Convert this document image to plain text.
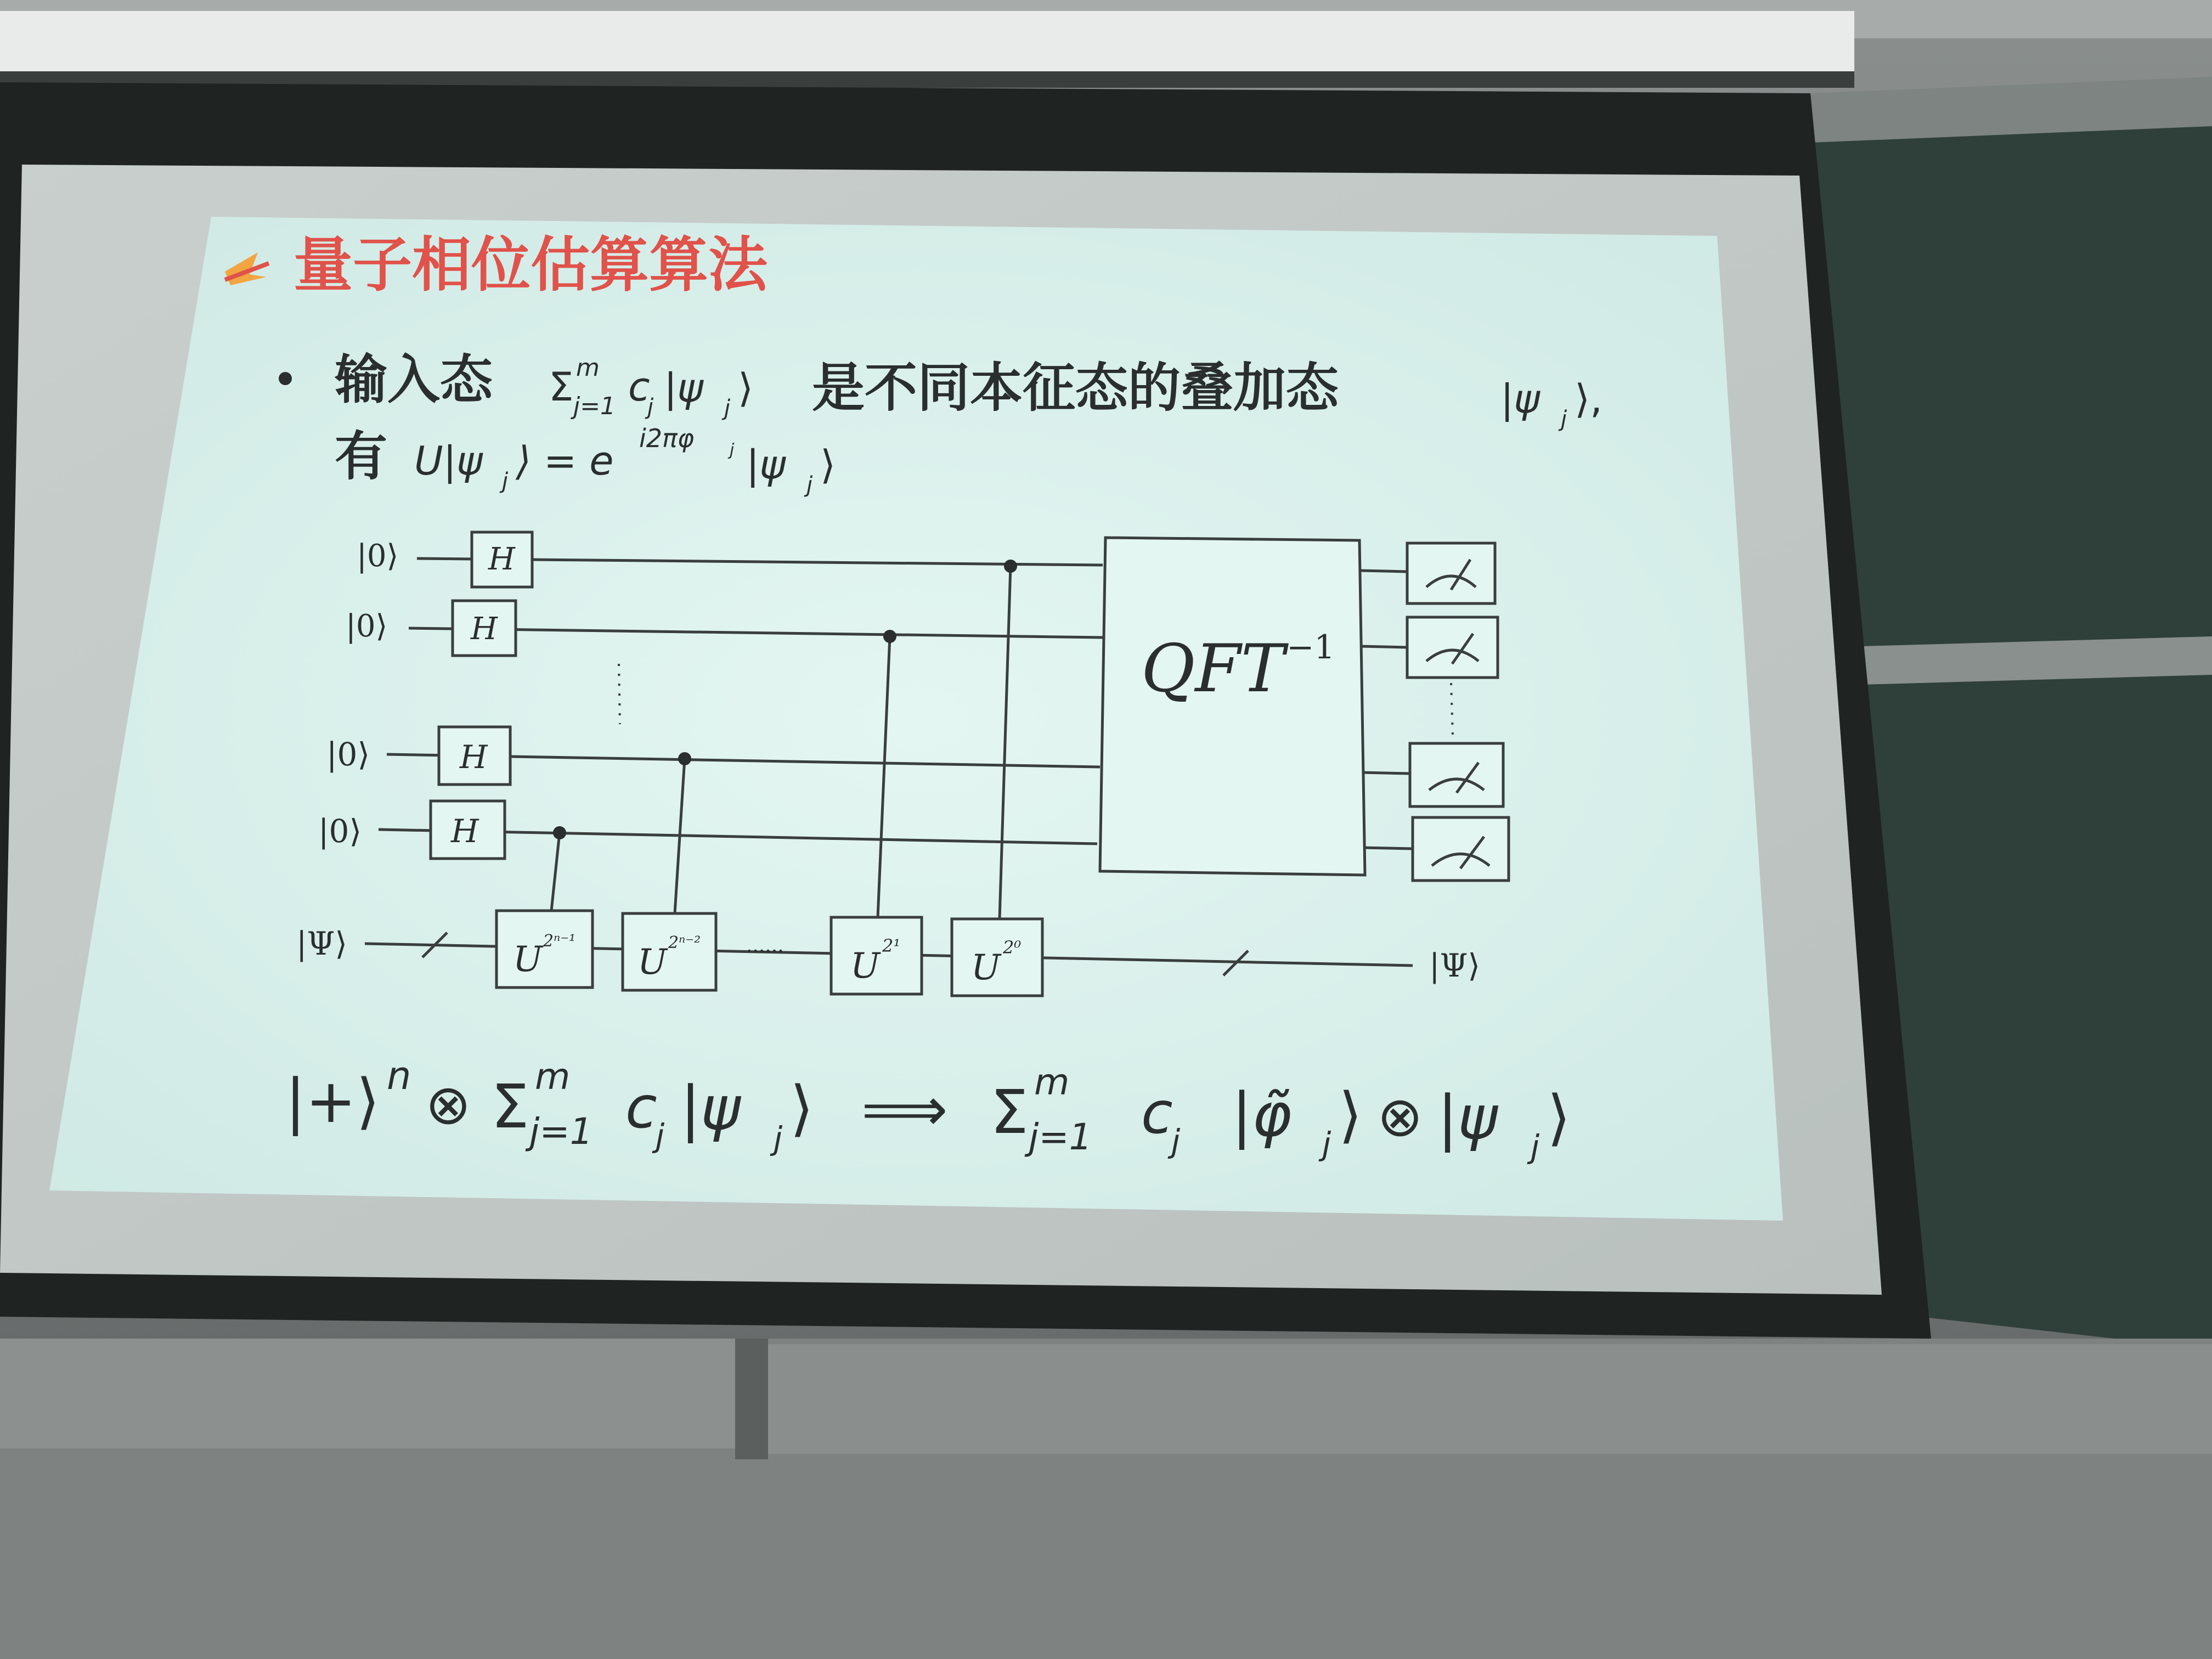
量子相位估算算法
输入态 Σ m
j=1 c
j |ψ j ⟩ 是不同本征态的叠加态	|ψ j ⟩,
有 U|ψ j ⟩ = e i2πφ j |ψ j ⟩
|0⟩
|0⟩
|0⟩
|0⟩
|Ψ⟩
|Ψ⟩
H
H
H
H
U 2ⁿ⁻¹
U 2ⁿ⁻²
U 2¹
U 2⁰
......
QFT −1
|+⟩ n ⊗ Σ m
j=1 c
j |ψ j ⟩ ⟹ Σ m
j=1 c
j |φ̃ j ⟩ ⊗ |ψ j ⟩
